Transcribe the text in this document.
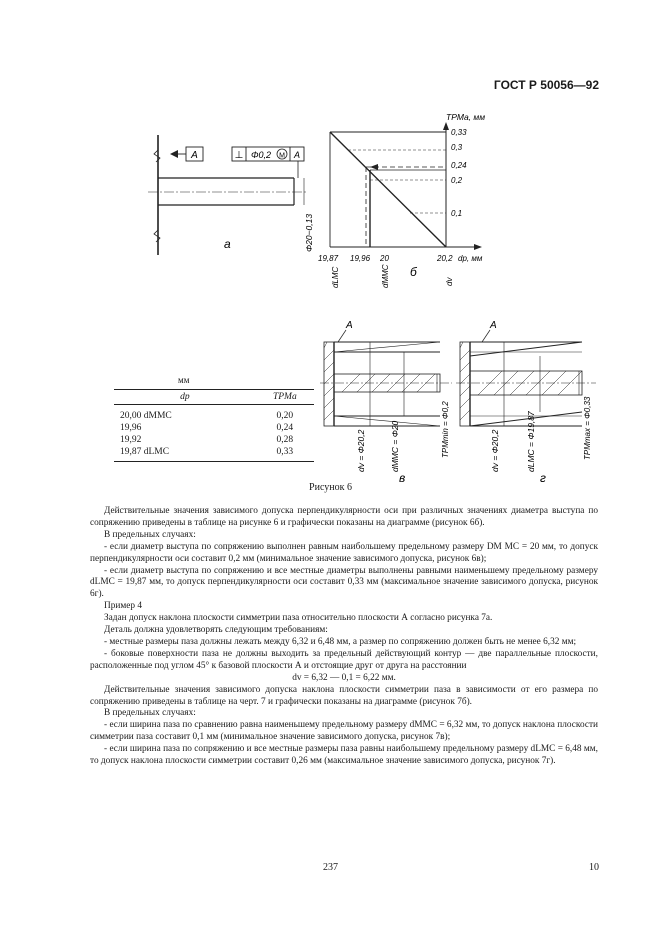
ГОСТ Р 50056—92
А	⊥ Φ0,2 M A
Φ20−0,13
а
TPMa, мм
0,33
0,3
0,24
0,2
0,1
19,87 19,96 20	20,2 dp, мм
dLMC	dMMC	dv
б
А
dv = Φ20,2	dMMC = Φ20	TPMmin = Φ0,2
в
А
dv = Φ20,2	dLMC = Φ19,87	TPMmax = Φ0,33
г
мм
dp	TPMa
20,00 dMMC	0,20
19,96	0,24
19,92	0,28
19,87 dLMC	0,33
Рисунок 6

Действительные значения зависимого допуска перпендикулярности оси при различных значениях диаметра выступа по сопряжению приведены в таблице на рисунке 6 и графически показаны на диаграмме (рисунок 6б).

В предельных случаях:

- если диаметр выступа по сопряжению выполнен равным наибольшему предельному размеру DM MC = 20 мм, то допуск перпендикулярности оси составит 0,2 мм (минимальное значение зависимого допуска, рисунок 6в);

- если диаметр выступа по сопряжению и все местные диаметры выполнены равными наименьшему предельному размеру dLMC = 19,87 мм, то допуск перпендикулярности оси составит 0,33 мм (максимальное значение зависимого допуска, рисунок 6г).

Пример 4

Задан допуск наклона плоскости симметрии паза относительно плоскости А согласно рисунка 7а.

Деталь должна удовлетворять следующим требованиям:

- местные размеры паза должны лежать между 6,32 и 6,48 мм, а размер по сопряжению должен быть не менее 6,32 мм;

- боковые поверхности паза не должны выходить за предельный действующий контур — две параллельные плоскости, расположенные под углом 45° к базовой плоскости А и отстоящие друг от друга на расстоянии

dv = 6,32 — 0,1 = 6,22 мм.

Действительные значения зависимого допуска наклона плоскости симметрии паза в зависимости от его размера по сопряжению приведены в таблице на черт. 7 и графически показаны на диаграмме (рисунок 7б).

В предельных случаях:

- если ширина паза по сравнению равна наименьшему предельному размеру dMMC = 6,32 мм, то допуск наклона плоскости симметрии паза составит 0,1 мм (минимальное значение зависимого допуска, рисунок 7в);

- если ширина паза по сопряжению и все местные размеры паза равны наибольшему предельному размеру dLMC = 6,48 мм, то допуск наклона плоскости симметрии составит 0,26 мм (максимальное значение зависимого допуска, рисунок 7г).

237	10
